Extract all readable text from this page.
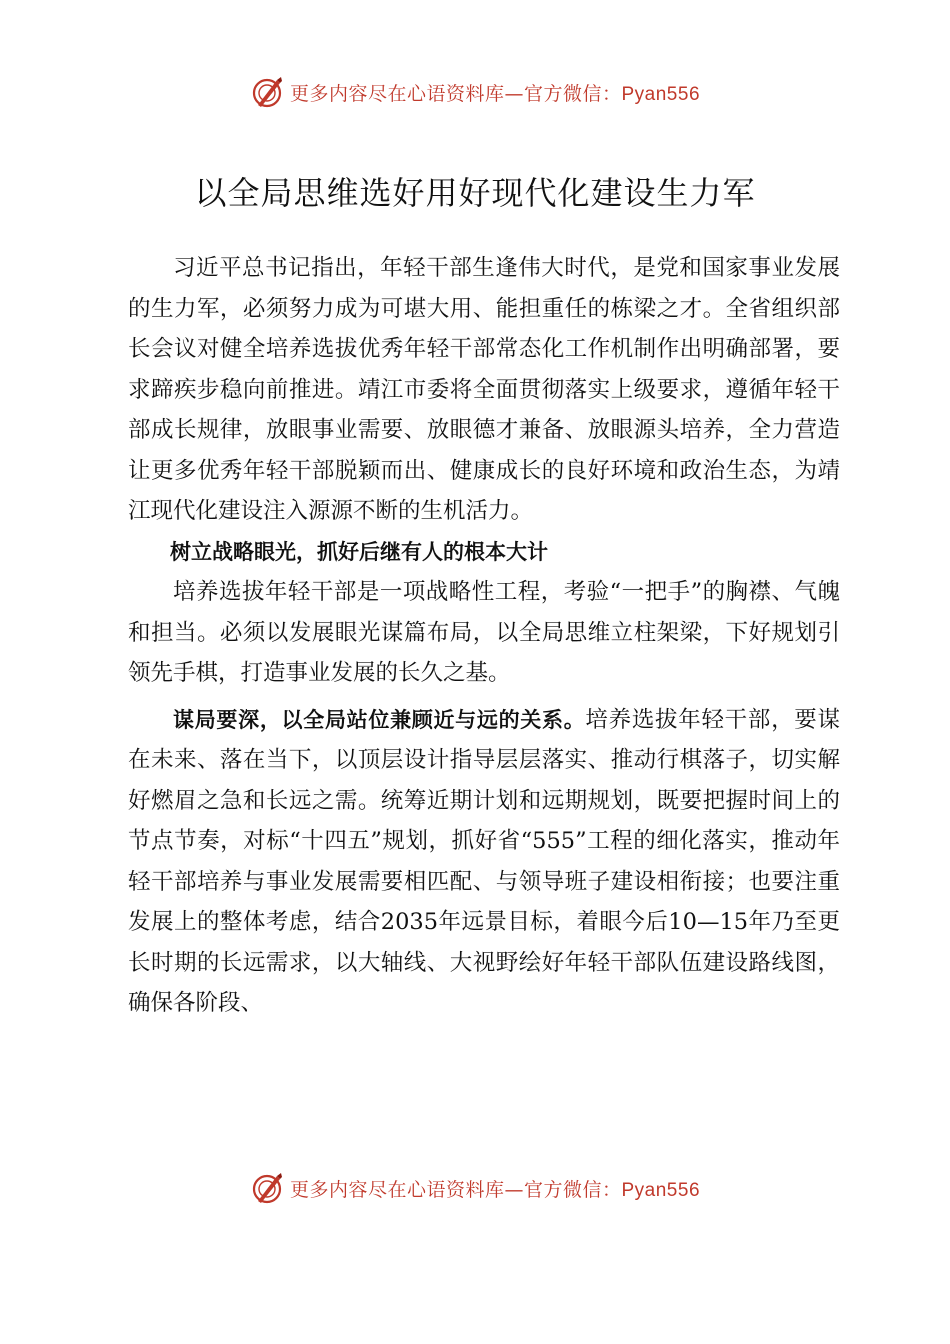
更多内容尽在心语资料库—官方微信：Pyan556
以全局思维选好用好现代化建设生力军

习近平总书记指出，年轻干部生逢伟大时代，是党和国家事业发展的生力军，必须努力成为可堪大用、能担重任的栋梁之才。全省组织部长会议对健全培养选拔优秀年轻干部常态化工作机制作出明确部署，要求蹄疾步稳向前推进。靖江市委将全面贯彻落实上级要求，遵循年轻干部成长规律，放眼事业需要、放眼德才兼备、放眼源头培养，全力营造让更多优秀年轻干部脱颖而出、健康成长的良好环境和政治生态，为靖江现代化建设注入源源不断的生机活力。

树立战略眼光，抓好后继有人的根本大计

培养选拔年轻干部是一项战略性工程，考验“一把手”的胸襟、气魄和担当。必须以发展眼光谋篇布局，以全局思维立柱架梁，下好规划引领先手棋，打造事业发展的长久之基。

谋局要深，以全局站位兼顾近与远的关系。培养选拔年轻干部，要谋在未来、落在当下，以顶层设计指导层层落实、推动行棋落子，切实解好燃眉之急和长远之需。统筹近期计划和远期规划，既要把握时间上的节点节奏，对标“十四五”规划，抓好省“555”工程的细化落实，推动年轻干部培养与事业发展需要相匹配、与领导班子建设相衔接；也要注重发展上的整体考虑，结合2035年远景目标，着眼今后10—15年乃至更长时期的长远需求，以大轴线、大视野绘好年轻干部队伍建设路线图，确保各阶段、

更多内容尽在心语资料库—官方微信：Pyan556
